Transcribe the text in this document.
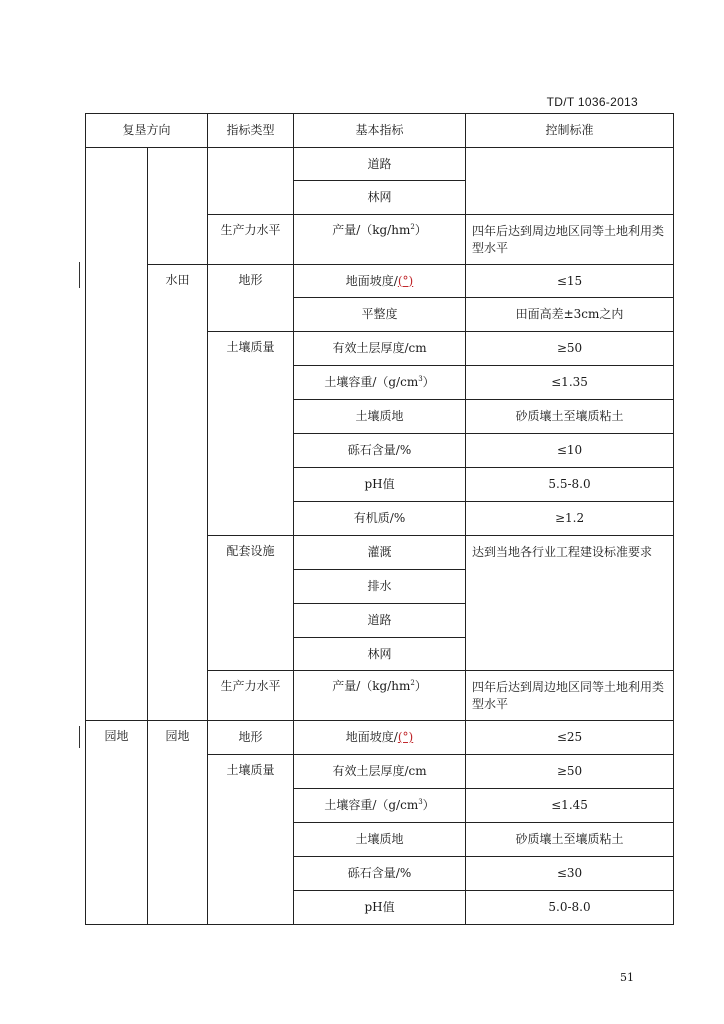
TD/T 1036-2013
复垦方向		指标类型	基本指标	控制标准
			道路	
			林网	
		生产力水平	产量$/(kg/hm^2)$	四年后达到周边地区同等土地利用类型水平
	水田	地形	地面坡度/(°)	≤15
			平整度	田面高差±3cm之内
		土壤质量	有效土层厚度/cm	≥50
			土壤容重$/(g/cm^3)$	≤1.35
			土壤质地	砂质壤土至壤质粘土
			砾石含量/%	≤10
			pH值	5.5-8.0
			有机质/%	≥1.2
		配套设施	灌溉	达到当地各行业工程建设标准要求
			排水	
			道路	
			林网	
		生产力水平	产量$/(kg/hm^2)$	四年后达到周边地区同等土地利用类型水平
园地	园地	地形	地面坡度/(°)	≤25
		土壤质量	有效土层厚度/cm	≥50
			土壤容重$/(g/cm^3)$	≤1.45
			土壤质地	砂质壤土至壤质粘土
			砾石含量/%	≤30
			pH值	5.0-8.0
51
